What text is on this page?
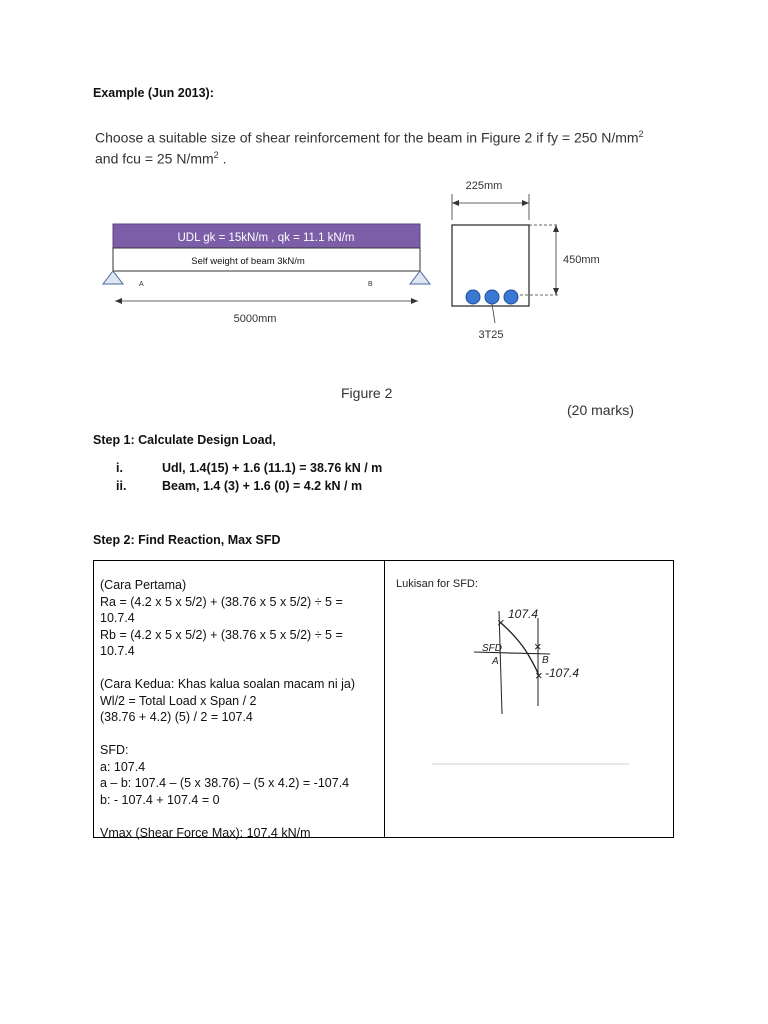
Example (Jun 2013):
Choose a suitable size of shear reinforcement for the beam in Figure 2 if fy = 250 $N/mm^2$ and fcu = 25 $N/mm^2$ .
UDL gk = 15kN/m , qk = 11.1 kN/m
Self weight of beam 3kN/m
A	B
5000mm
225mm
450mm
3T25
Figure 2
(20 marks)
Step 1: Calculate Design Load,
i.	Udl, 1.4(15) + 1.6 (11.1) = 38.76 kN / m
ii.	Beam, 1.4 (3) + 1.6 (0) = 4.2 kN / m
Step 2: Find Reaction, Max SFD
(Cara Pertama)
Ra = (4.2 x 5 x 5/2) + (38.76 x 5 x 5/2) ÷ 5 =
10.7.4
Rb = (4.2 x 5 x 5/2) + (38.76 x 5 x 5/2) ÷ 5 =
10.7.4
(Cara Kedua: Khas kalua soalan macam ni ja)
Wl/2 = Total Load x Span / 2
(38.76 + 4.2) (5) / 2 = 107.4
SFD:
a: 107.4
a – b: 107.4 – (5 x 38.76) – (5 x 4.2) = -107.4
b: - 107.4 + 107.4 = 0
Vmax (Shear Force Max): 107.4 kN/m
Lukisan for SFD:
×
×
×
107.4
SFD
A	B
-107.4
